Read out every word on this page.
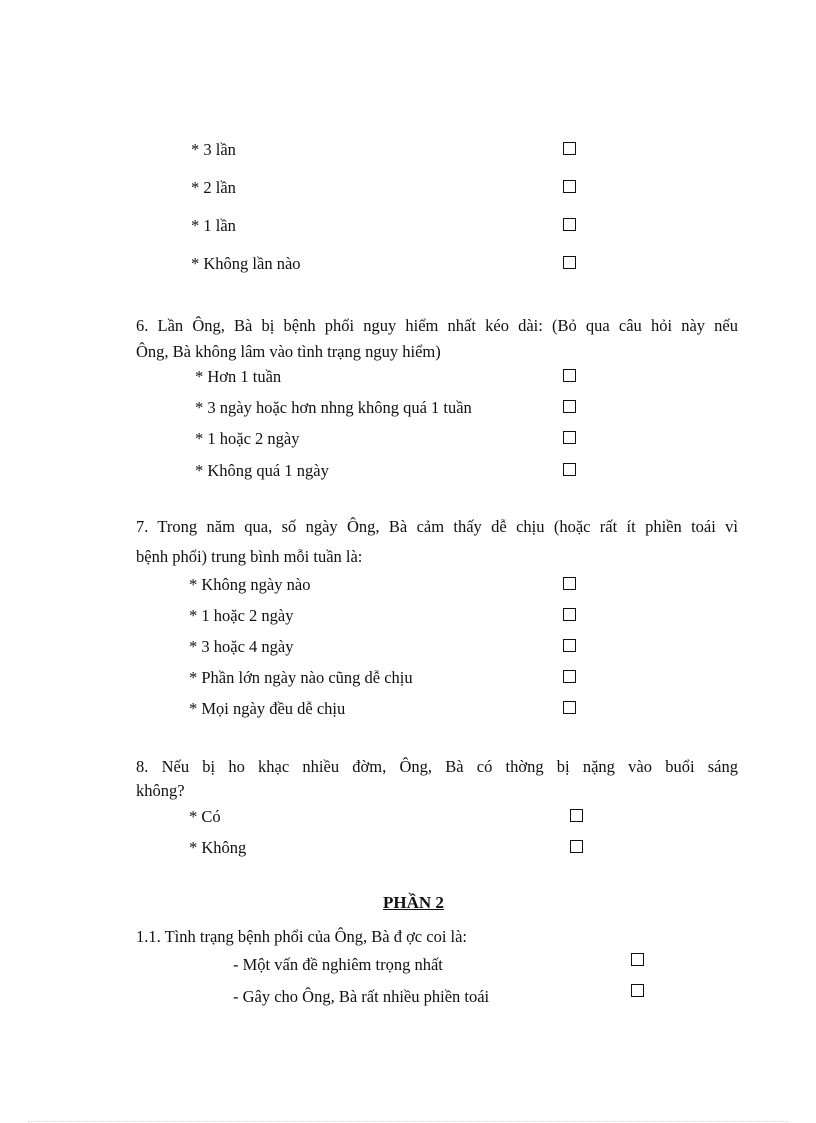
* 3 lần
* 2 lần
* 1 lần
* Không lần nào
6. Lần Ông, Bà bị bệnh phổi nguy hiểm nhất kéo dài: (Bỏ qua câu hỏi này nếu
Ông, Bà không lâm vào tình trạng nguy hiểm)
* Hơn 1 tuần
* 3 ngày hoặc hơn nhng không quá 1 tuần
* 1 hoặc 2 ngày
* Không quá 1 ngày
7. Trong năm qua, số ngày Ông, Bà cảm thấy dễ chịu (hoặc rất ít phiền toái vì
bệnh phổi) trung bình mỗi tuần là:
* Không ngày nào
* 1 hoặc 2 ngày
* 3 hoặc 4 ngày
* Phần lớn ngày nào cũng dễ chịu
* Mọi ngày đều dễ chịu
8. Nếu bị ho khạc nhiều đờm, Ông, Bà có thờng bị nặng vào buổi sáng
không?
* Có
* Không
PHẦN 2
1.1. Tình trạng bệnh phổi của Ông, Bà đ ợc coi là:
- Một vấn đề nghiêm trọng nhất
- Gây cho Ông, Bà rất nhiều phiền toái
